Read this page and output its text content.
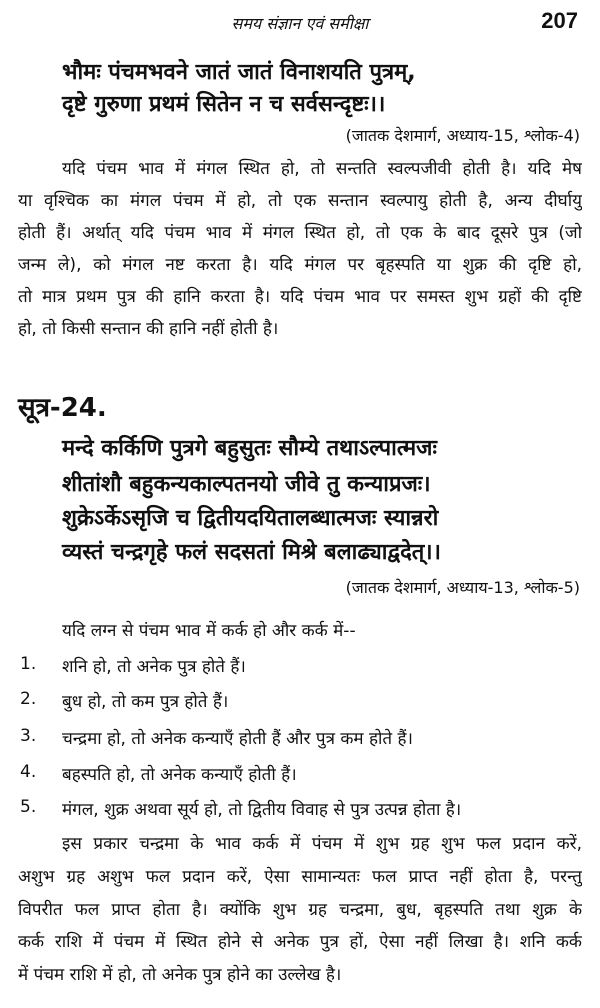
समय संज्ञान एवं समीक्षा	207
भौमः पंचमभवने जातं जातं विनाशयति पुत्रम्,
दृष्टे गुरुणा प्रथमं सितेन न च सर्वसन्दृष्टः।।
(जातक देशमार्ग, अध्याय-15, श्लोक-4)
यदि पंचम भाव में मंगल स्थित हो, तो सन्तति स्वल्पजीवी होती है। यदि मेष
या वृश्चिक का मंगल पंचम में हो, तो एक सन्तान स्वल्पायु होती है, अन्य दीर्घायु
होती हैं। अर्थात् यदि पंचम भाव में मंगल स्थित हो, तो एक के बाद दूसरे पुत्र (जो
जन्म ले), को मंगल नष्ट करता है। यदि मंगल पर बृहस्पति या शुक्र की दृष्टि हो,
तो मात्र प्रथम पुत्र की हानि करता है। यदि पंचम भाव पर समस्त शुभ ग्रहों की दृष्टि
हो, तो किसी सन्तान की हानि नहीं होती है।
सूत्र-24.
मन्दे कर्किणि पुत्रगे बहुसुतः सौम्ये तथाऽल्पात्मजः
शीतांशौ बहुकन्यकाल्पतनयो जीवे तु कन्याप्रजः।
शुक्रेऽर्केऽसृजि च द्वितीयदयितालब्धात्मजः स्यान्नरो
व्यस्तं चन्द्रगृहे फलं सदसतां मिश्रे बलाढ्याद्वदेत्।।
(जातक देशमार्ग, अध्याय-13, श्लोक-5)
यदि लग्न से पंचम भाव में कर्क हो और कर्क में--
1. शनि हो, तो अनेक पुत्र होते हैं।
2. बुध हो, तो कम पुत्र होते हैं।
3. चन्द्रमा हो, तो अनेक कन्याएँ होती हैं और पुत्र कम होते हैं।
4. बहस्पति हो, तो अनेक कन्याएँ होती हैं।
5. मंगल, शुक्र अथवा सूर्य हो, तो द्वितीय विवाह से पुत्र उत्पन्न होता है।
इस प्रकार चन्द्रमा के भाव कर्क में पंचम में शुभ ग्रह शुभ फल प्रदान करें,
अशुभ ग्रह अशुभ फल प्रदान करें, ऐसा सामान्यतः फल प्राप्त नहीं होता है, परन्तु
विपरीत फल प्राप्त होता है। क्योंकि शुभ ग्रह चन्द्रमा, बुध, बृहस्पति तथा शुक्र के
कर्क राशि में पंचम में स्थित होने से अनेक पुत्र हों, ऐसा नहीं लिखा है। शनि कर्क
में पंचम राशि में हो, तो अनेक पुत्र होने का उल्लेख है।
